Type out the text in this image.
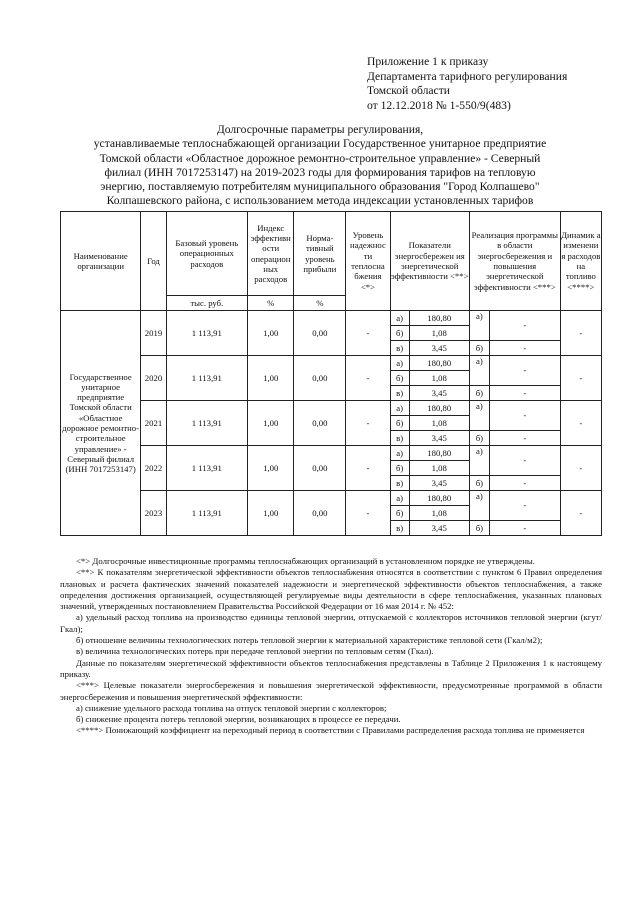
Приложение 1 к приказу
Департамента тарифного регулирования
Томской области
от 12.12.2018 № 1-550/9(483)
Долгосрочные параметры регулирования,
устанавливаемые теплоснабжающей организации Государственное унитарное предприятие
Томской области «Областное дорожное ремонтно-строительное управление» - Северный
филиал (ИНН 7017253147) на 2019-2023 годы для формирования тарифов на тепловую
энергию, поставляемую потребителям муниципального образования "Город Колпашево"
Колпашевского района, с использованием метода индексации установленных тарифов
Наименование организации	Год	Базовый уровень операционных расходов	Индекс эффективн ости операцион ных расходов	Норма- тивный уровень прибыли	Уровень надежнос ти теплосна бжения <*>	Показатели энергосбережен ия энергетической эффективности <**>		Реализация программы в области энергосбережения и повышения энергетической эффективности <***>		Динамик а изменени я расходов на топливо <****>
		тыс. руб.	%	%						
Государственное унитарное предприятие Томской области «Областное дорожное ремонтно- строительное управление» - Северный филиал (ИНН 7017253147)	2019	1 113,91	1,00	0,00	-	а)	180,80	а)	-	-
						б)	1,08			
						в)	3,45	б)	-	
	2020	1 113,91	1,00	0,00	-	а)	180,80	а)	-	-
						б)	1,08			
						в)	3,45	б)	-	
	2021	1 113,91	1,00	0,00	-	а)	180,80	а)	-	-
						б)	1,08			
						в)	3,45	б)	-	
	2022	1 113,91	1,00	0,00	-	а)	180,80	а)	-	-
						б)	1,08			
						в)	3,45	б)	-	
	2023	1 113,91	1,00	0,00	-	а)	180,80	а)	-	-
						б)	1,08			
						в)	3,45	б)	-	

<*> Долгосрочные инвестиционные программы теплоснабжающих организаций в установленном порядке не утверждены.

<**> К показателям энергетической эффективности объектов теплоснабжения относятся в соответствии с пунктом 6 Правил определения плановых и расчета фактических значений показателей надежности и энергетической эффективности объектов теплоснабжения, а также определения достижения организацией, осуществляющей регулируемые виды деятельности в сфере теплоснабжения, указанных плановых значений, утвержденных постановлением Правительства Российской Федерации от 16 мая 2014 г. № 452:

а) удельный расход топлива на производство единицы тепловой энергии, отпускаемой с коллекторов источников тепловой энергии (кгут/Гкал);

б) отношение величины технологических потерь тепловой энергии к материальной характеристике тепловой сети (Гкал/м2);

в) величина технологических потерь при передаче тепловой энергии по тепловым сетям (Гкал).

Данные по показателям энергетической эффективности объектов теплоснабжения представлены в Таблице 2 Приложения 1 к настоящему приказу.

<***> Целевые показатели энергосбережения и повышения энергетической эффективности, предусмотренные программой в области энергосбережения и повышения энергетической эффективности:

а) снижение удельного расхода топлива на отпуск тепловой энергии с коллекторов;

б) снижение процента потерь тепловой энергии, возникающих в процессе ее передачи.

<****> Понижающий коэффициент на переходный период в соответствии с Правилами распределения расхода топлива не применяется
